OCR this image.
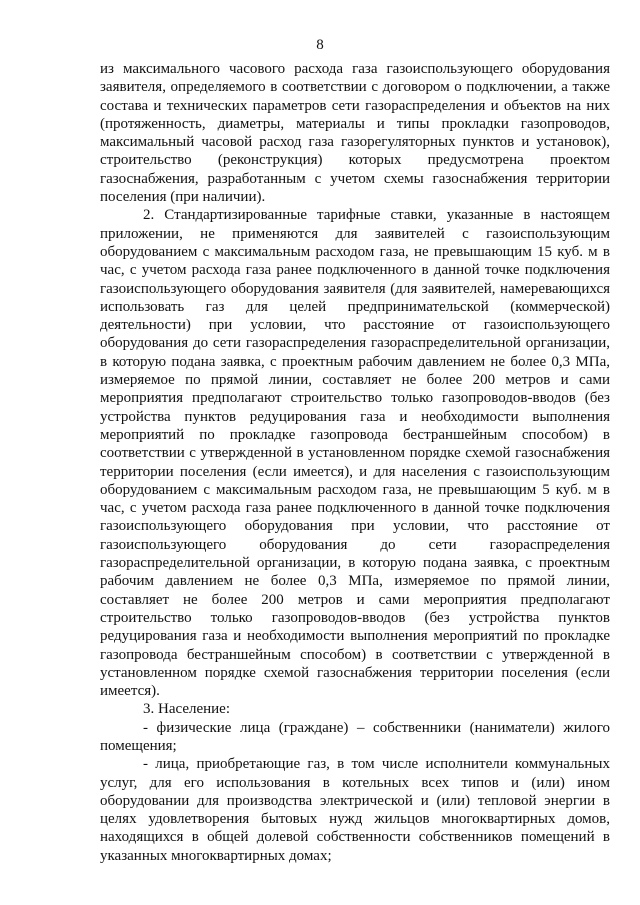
8

из максимального часового расхода газа газоиспользующего оборудования заявителя, определяемого в соответствии с договором о подключении, а также состава и технических параметров сети газораспределения и объектов на них (протяженность, диаметры, материалы и типы прокладки газопроводов, максимальный часовой расход газа газорегуляторных пунктов и установок), строительство (реконструкция) которых предусмотрена проектом газоснабжения, разработанным с учетом схемы газоснабжения территории поселения (при наличии).

2. Стандартизированные тарифные ставки, указанные в настоящем приложении, не применяются для заявителей с газоиспользующим оборудованием с максимальным расходом газа, не превышающим 15 куб. м в час, с учетом расхода газа ранее подключенного в данной точке подключения газоиспользующего оборудования заявителя (для заявителей, намеревающихся использовать газ для целей предпринимательской (коммерческой) деятельности) при условии, что расстояние от газоиспользующего оборудования до сети газораспределения газораспределительной организации, в которую подана заявка, с проектным рабочим давлением не более 0,3 МПа, измеряемое по прямой линии, составляет не более 200 метров и сами мероприятия предполагают строительство только газопроводов-вводов (без устройства пунктов редуцирования газа и необходимости выполнения мероприятий по прокладке газопровода бестраншейным способом) в соответствии с утвержденной в установленном порядке схемой газоснабжения территории поселения (если имеется), и для населения с газоиспользующим оборудованием с максимальным расходом газа, не превышающим 5 куб. м в час, с учетом расхода газа ранее подключенного в данной точке подключения газоиспользующего оборудования при условии, что расстояние от газоиспользующего оборудования до сети газораспределения газораспределительной организации, в которую подана заявка, с проектным рабочим давлением не более 0,3 МПа, измеряемое по прямой линии, составляет не более 200 метров и сами мероприятия предполагают строительство только газопроводов-вводов (без устройства пунктов редуцирования газа и необходимости выполнения мероприятий по прокладке газопровода бестраншейным способом) в соответствии с утвержденной в установленном порядке схемой газоснабжения территории поселения (если имеется).

3. Население:

- физические лица (граждане) – собственники (наниматели) жилого помещения;

- лица, приобретающие газ, в том числе исполнители коммунальных услуг, для его использования в котельных всех типов и (или) ином оборудовании для производства электрической и (или) тепловой энергии в целях удовлетворения бытовых нужд жильцов многоквартирных домов, находящихся в общей долевой собственности собственников помещений в указанных многоквартирных домах;
